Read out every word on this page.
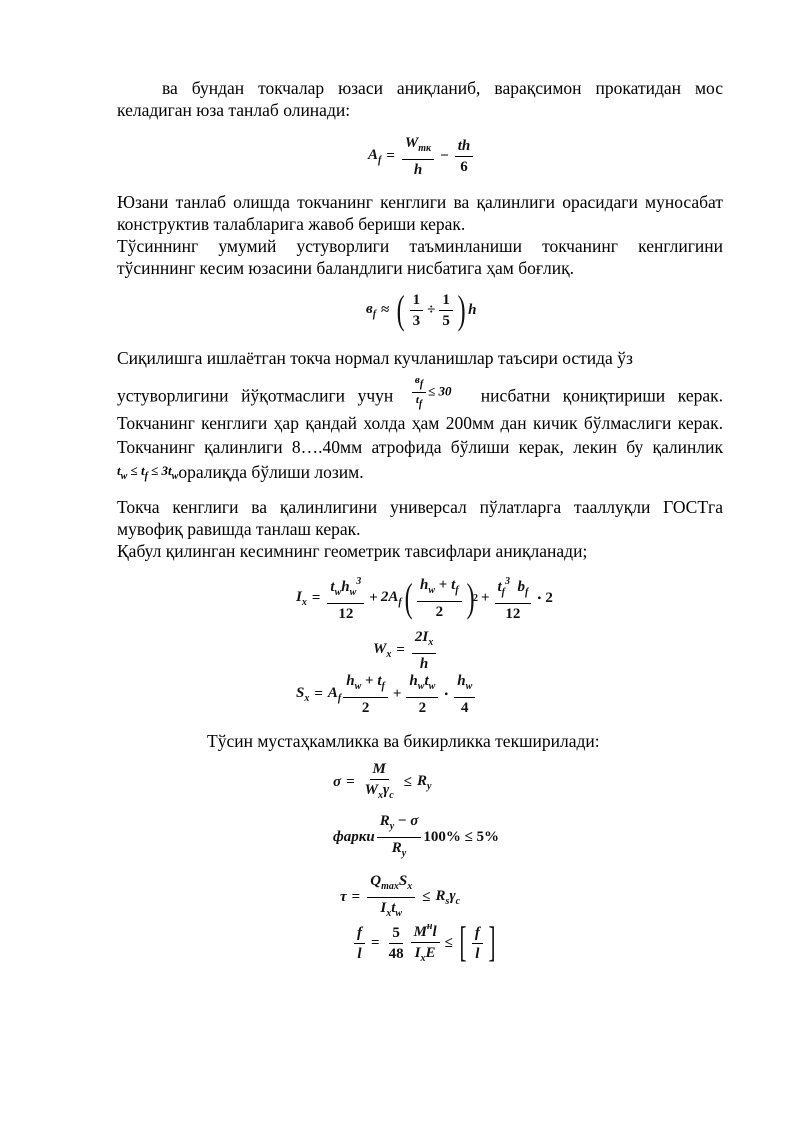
ва бундан токчалар юзаси аниқланиб, варақсимон прокатидан мос келадиган юза танлаб олинади:

$A_f = \frac{W_{тк}}{h} - \frac{th}{6}$

Юзани танлаб олишда токчанинг кенглиги ва қалинлиги орасидаги муносабат конструктив талабларига жавоб бериши керак.

Тўсиннинг умумий устуворлиги таъминланиши токчанинг кенглигини тўсиннинг кесим юзасини баландлиги нисбатига ҳам боғлиқ.

$в_f$ ≈ ( $\frac{1}{3} \div \frac{1}{5}$ ) h

Сиқилишга ишлаётган токча нормал кучланишлар таъсири остида ўз

устуворлигини йўқотмаслиги учун $\frac{вf}{tf} \le 30$ нисбатни қониқтириши керак. Токчанинг кенглиги ҳар қандай холда ҳам 200мм дан кичик бўлмаслиги керак. Токчанинг қалинлиги 8….40мм атрофида бўлиши керак, лекин бу қалинлик $t_w \le t_f$ ≤ $3t_wоралиқда$ бўлиши лозим.

Токча кенглиги ва қалинлигини универсал пўлатларга тааллуқли ГОСТга мувофиқ равишда танлаш керак.

Қабул қилинган кесимнинг геометрик тавсифлари аниқланади;

$I_x = \frac{t_wh_w^3}{12} + 2A_f$ ( $\frac{h_w + t_f}{2}$ )
$2 + \frac{t_f^3 b_f}{12} \cdot 2$
$W_x = \frac{2I_x}{h}$
$S_x = A_f \frac{h_w + t_f}{2} + \frac{h_wt_w}{2} \cdot \frac{h_w}{4}$
Тўсин мустаҳкамликка ва бикирликка текширилади:
$\sigma = \frac{M}{W_x\gamma_c} \le R_y$
фарки $\frac{R_y - \sigma}{R_y} 100\% \le 5\%$
$\tau = \frac{Q_{max}S_x}{I_xt_w} \le R_s\gamma_c$
$\frac{f}{l} = \frac{5}{48} \frac{M^нl}{I_xE}$ ≤ [ $\frac{f}{l}$ ]
